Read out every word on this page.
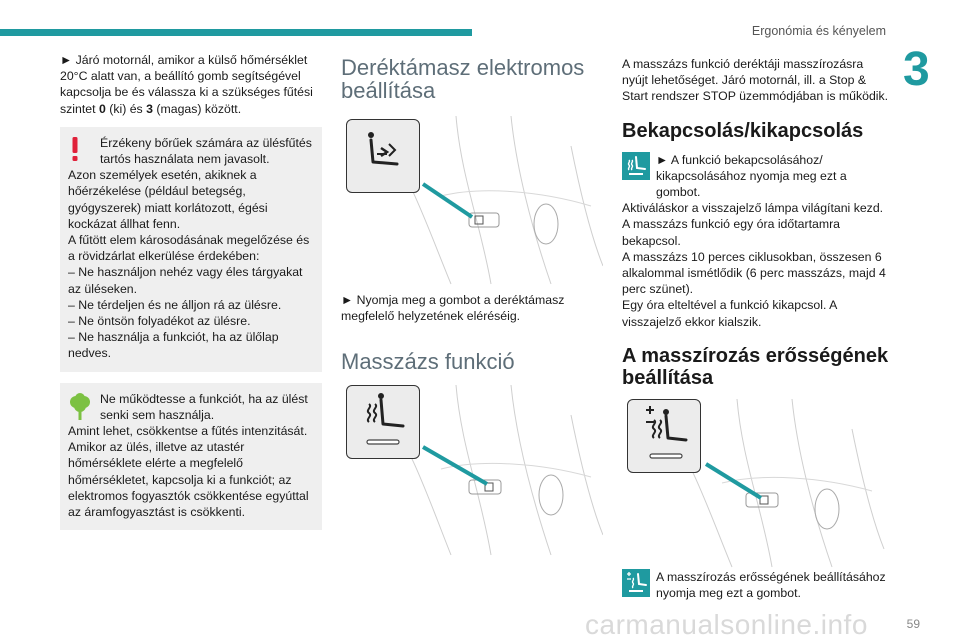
Ergonómia és kényelem
3

► Járó motornál, amikor a külső hőmérséklet 20°C alatt van, a beállító gomb segítségével kapcsolja be és válassza ki a szükséges fűtési szintet 0 (ki) és 3 (magas) között.

Érzékeny bőrűek számára az ülésfűtés tartós használata nem javasolt.

Azon személyek esetén, akiknek a hőérzékelése (például betegség, gyógyszerek) miatt korlátozott, égési kockázat állhat fenn.

A fűtött elem károsodásának megelőzése és a rövidzárlat elkerülése érdekében:

– Ne használjon nehéz vagy éles tárgyakat az üléseken.

– Ne térdeljen és ne álljon rá az ülésre.

– Ne öntsön folyadékot az ülésre.

– Ne használja a funkciót, ha az ülőlap nedves.

Ne működtesse a funkciót, ha az ülést senki sem használja.

Amint lehet, csökkentse a fűtés intenzitását.

Amikor az ülés, illetve az utastér hőmérséklete elérte a megfelelő hőmérsékletet, kapcsolja ki a funkciót; az elektromos fogyasztók csökkentése egyúttal az áramfogyasztást is csökkenti.

Deréktámasz elektromos beállítása

► Nyomja meg a gombot a deréktámasz megfelelő helyzetének eléréséig.

Masszázs funkció

A masszázs funkció deréktáji masszírozásra nyújt lehetőséget. Járó motornál, ill. a Stop & Start rendszer STOP üzemmódjában is működik.

Bekapcsolás/kikapcsolás

► A funkció bekapcsolásához/ kikapcsolásához nyomja meg ezt a gombot.

Aktiváláskor a visszajelző lámpa világítani kezd. A masszázs funkció egy óra időtartamra bekapcsol.

A masszázs 10 perces ciklusokban, összesen 6 alkalommal ismétlődik (6 perc masszázs, majd 4 perc szünet).

Egy óra elteltével a funkció kikapcsol. A visszajelző ekkor kialszik.

A masszírozás erősségének beállítása

A masszírozás erősségének beállításához nyomja meg ezt a gombot.

carmanualsonline.info	59
